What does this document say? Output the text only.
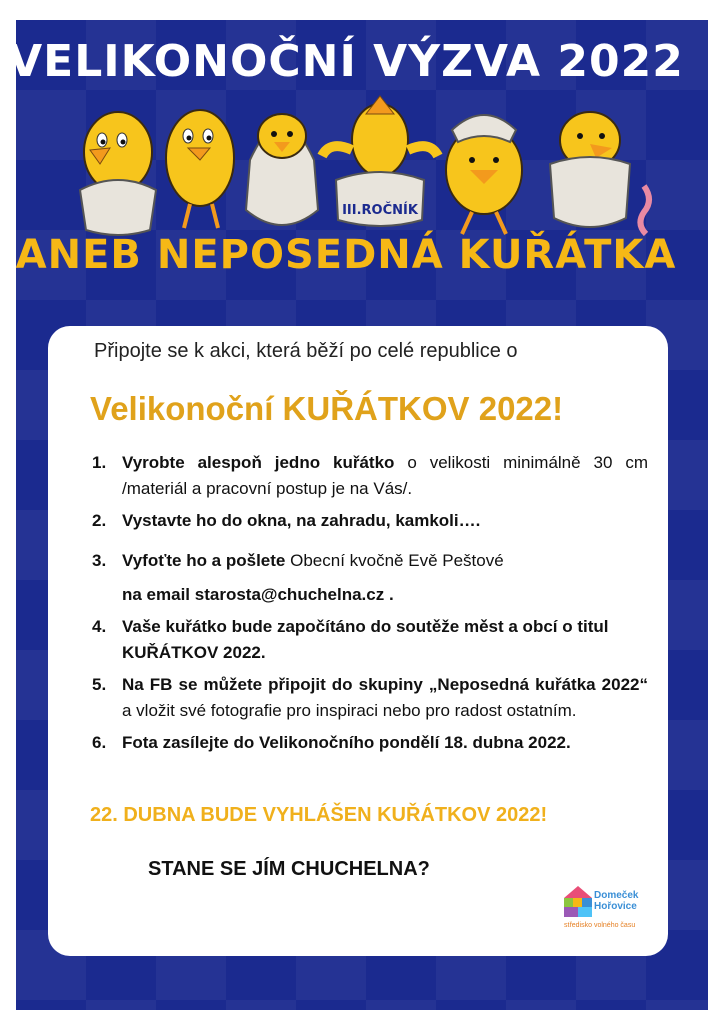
VELIKONOČNÍ VÝZVA 2022
III.ROČNÍK
ANEB NEPOSEDNÁ KUŘÁTKA
Připojte se k akci, která běží po celé republice o
Velikonoční KUŘÁTKOV 2022!
1. Vyrobte alespoň jedno kuřátko o velikosti minimálně 30 cm /materiál a pracovní postup je na Vás/.
2. Vystavte ho do okna, na zahradu, kamkoli….
3. Vyfoťte ho a pošlete Obecní kvočně Evě Peštové
na email starosta@chuchelna.cz .
4. Vaše kuřátko bude započítáno do soutěže měst a obcí o titul KUŘÁTKOV 2022.
5. Na FB se můžete připojit do skupiny „Neposedná kuřátka 2022“ a vložit své fotografie pro inspiraci nebo pro radost ostatním.
6. Fota zasílejte do Velikonočního pondělí 18. dubna 2022.
22. DUBNA BUDE VYHLÁŠEN KUŘÁTKOV 2022!
STANE SE JÍM CHUCHELNA?
Domeček
Hořovice
středisko volného času
